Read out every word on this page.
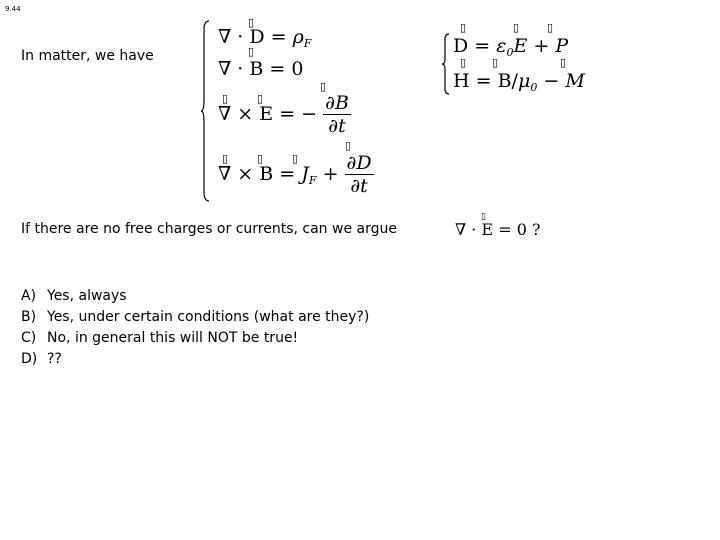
9.44
In matter, we have
▯
▯
▯
▯	▯
▯
▯	▯	▯
∇ · $D = \rho_F$
∇ · B = 0
∇ × E = − $\frac{\partial B}{\partial t}$
∇ × $B = J_F + \frac{\partial D}{\partial t}$
▯	▯	▯
▯ ▯	▯
$D = \varepsilon_0E + P$
$H = B/\mu_0 - M$
If there are no free charges or currents, can we argue
▯
∇ · E = 0 ?
A) Yes, always
B) Yes, under certain conditions (what are they?)
C) No, in general this will NOT be true!
D) ??
